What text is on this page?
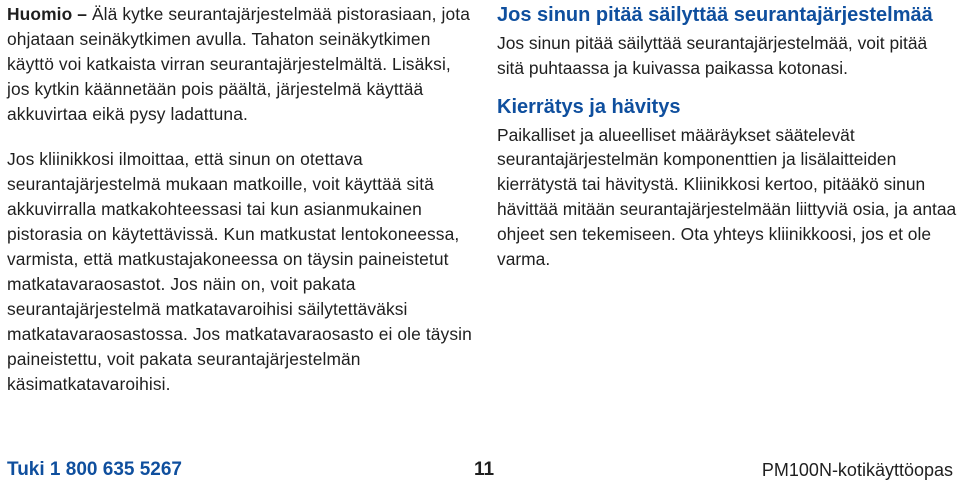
Huomio – Älä kytke seurantajärjestelmää pistorasiaan, jota ohjataan seinäkytkimen avulla. Tahaton seinäkytkimen käyttö voi katkaista virran seurantajärjestelmältä. Lisäksi, jos kytkin käännetään pois päältä, järjestelmä käyttää akkuvirtaa eikä pysy ladattuna.

Jos kliinikkosi ilmoittaa, että sinun on otettava seurantajärjestelmä mukaan matkoille, voit käyttää sitä akkuvirralla matkakohteessasi tai kun asianmukainen pistorasia on käytettävissä. Kun matkustat lentokoneessa, varmista, että matkustajakoneessa on täysin paineistetut matkatavaraosastot. Jos näin on, voit pakata seurantajärjestelmä matkatavaroihisi säilytettäväksi matkatavaraosastossa. Jos matkatavaraosasto ei ole täysin paineistettu, voit pakata seurantajärjestelmän käsimatkatavaroihisi.

Jos sinun pitää säilyttää seurantajärjestelmää

Jos sinun pitää säilyttää seurantajärjestelmää, voit pitää sitä puhtaassa ja kuivassa paikassa kotonasi.

Kierrätys ja hävitys

Paikalliset ja alueelliset määräykset säätelevät seurantajärjestelmän komponenttien ja lisälaitteiden kierrätystä tai hävitystä. Kliinikkosi kertoo, pitääkö sinun hävittää mitään seurantajärjestelmään liittyviä osia, ja antaa ohjeet sen tekemiseen. Ota yhteys kliinikkoosi, jos et ole varma.

Tuki 1 800 635 5267	11	PM100N-kotikäyttöopas
